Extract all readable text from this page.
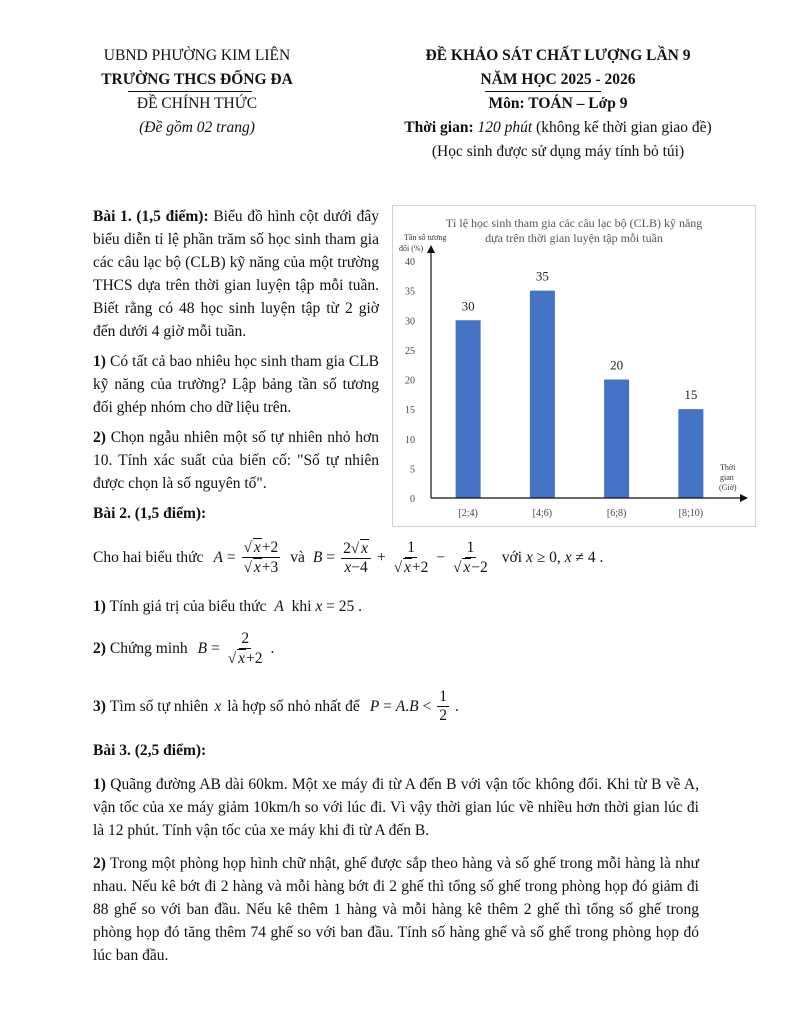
UBND PHƯỜNG KIM LIÊN
TRƯỜNG THCS ĐỐNG ĐA
ĐỀ CHÍNH THỨC
(Đề gồm 02 trang)
ĐỀ KHẢO SÁT CHẤT LƯỢNG LẦN 9
NĂM HỌC 2025 - 2026
Môn: TOÁN – Lớp 9
Thời gian: 120 phút (không kể thời gian giao đề)
(Học sinh được sử dụng máy tính bỏ túi)
Bài 1. (1,5 điểm): Biểu đồ hình cột dưới đây biểu diễn tỉ lệ phần trăm số học sinh tham gia các câu lạc bộ (CLB) kỹ năng của một trường THCS dựa trên thời gian luyện tập mỗi tuần. Biết rằng có 48 học sinh luyện tập từ 2 giờ đến dưới 4 giờ mỗi tuần.
1) Có tất cả bao nhiêu học sinh tham gia CLB kỹ năng của trường? Lập bảng tần số tương đối ghép nhóm cho dữ liệu trên.
2) Chọn ngẫu nhiên một số tự nhiên nhỏ hơn 10. Tính xác suất của biến cố: "Số tự nhiên được chọn là số nguyên tố".
Tỉ lệ học sinh tham gia các câu lạc bộ (CLB) kỹ năng
dựa trên thời gian luyện tập mỗi tuần
Tần số tương
đối (%)
Thời
gian
(Giờ)
0
5
10
15
20
25
30
35
40
30
[2;4)
35
[4;6)
20
[6;8)
15
[8;10)
Bài 2. (1,5 điểm):
Cho hai biểu thức $A = \frac{√ x+2}{√ x+3}$ và $B = \frac{2√ x}{x-4} + \frac{1}{√ x+2} - \frac{1}{√ x-2}$ với x ≥ 0, x ≠ 4 .
1) Tính giá trị của biểu thức A khi x = 25 .
2) Chứng minh $B = \frac{2}{√ x+2}$ .
3) Tìm số tự nhiên x là hợp số nhỏ nhất để $P = A.B < \frac{1}{2}$ .
Bài 3. (2,5 điểm):
1) Quãng đường AB dài 60km. Một xe máy đi từ A đến B với vận tốc không đổi. Khi từ B về A, vận tốc của xe máy giảm 10km/h so với lúc đi. Vì vậy thời gian lúc về nhiều hơn thời gian lúc đi là 12 phút. Tính vận tốc của xe máy khi đi từ A đến B.
2) Trong một phòng họp hình chữ nhật, ghế được sắp theo hàng và số ghế trong mỗi hàng là như nhau. Nếu kê bớt đi 2 hàng và mỗi hàng bớt đi 2 ghế thì tổng số ghế trong phòng họp đó giảm đi 88 ghế so với ban đầu. Nếu kê thêm 1 hàng và mỗi hàng kê thêm 2 ghế thì tổng số ghế trong phòng họp đó tăng thêm 74 ghế so với ban đầu. Tính số hàng ghế và số ghế trong phòng họp đó lúc ban đầu.
